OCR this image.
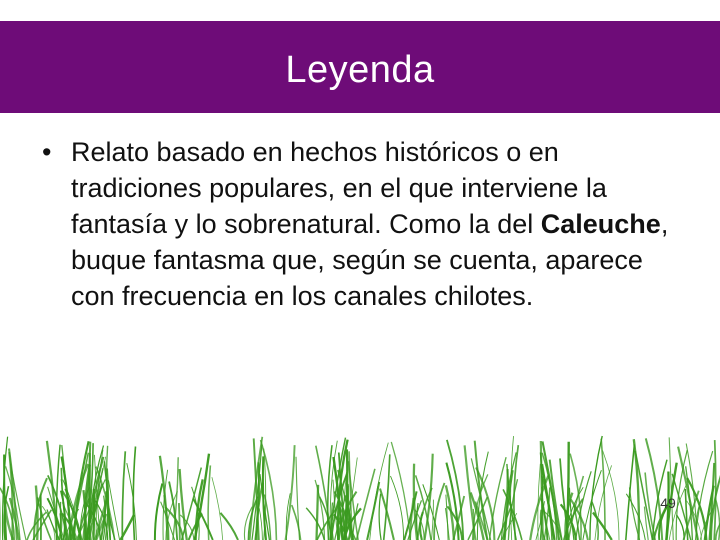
Leyenda
• Relato basado en hechos históricos o en tradiciones populares, en el que interviene la fantasía y lo sobrenatural. Como la del Caleuche, buque fantasma que, según se cuenta, aparece con frecuencia en los canales chilotes.
49
